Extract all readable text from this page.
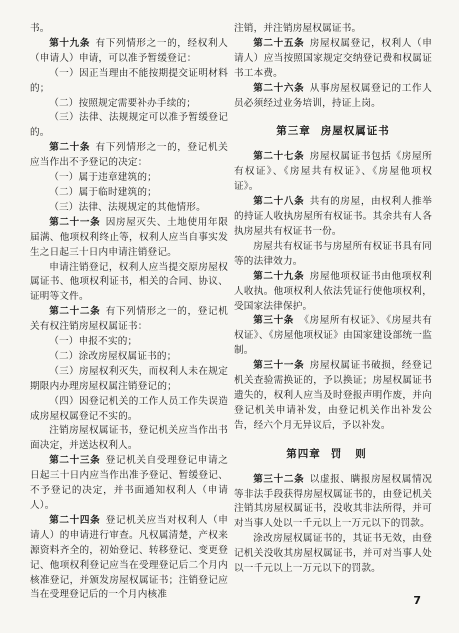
书。

第十九条  有下列情形之一的，经权利人（申请人）申请，可以准予暂缓登记：

（一）因正当理由不能按期提交证明材料的；

（二）按照规定需要补办手续的；

（三）法律、法规规定可以准予暂缓登记的。

第二十条  有下列情形之一的，登记机关应当作出不予登记的决定：

（一）属于违章建筑的；

（二）属于临时建筑的；

（三）法律、法规规定的其他情形。

第二十一条  因房屋灭失、土地使用年限届满、他项权利终止等，权利人应当自事实发生之日起三十日内申请注销登记。

申请注销登记，权利人应当提交原房屋权属证书、他项权利证书，相关的合同、协议、证明等文件。

第二十二条  有下列情形之一的，登记机关有权注销房屋权属证书：

（一）申报不实的；

（二）涂改房屋权属证书的；

（三）房屋权利灭失，而权利人未在规定期限内办理房屋权属注销登记的；

（四）因登记机关的工作人员工作失误造成房屋权属登记不实的。

注销房屋权属证书，登记机关应当作出书面决定，并送达权利人。

第二十三条  登记机关自受理登记申请之日起三十日内应当作出准予登记、暂缓登记、不予登记的决定，并书面通知权利人（申请人）。

第二十四条  登记机关应当对权利人（申请人）的申请进行审查。凡权属清楚，产权来源资料齐全的，初始登记、转移登记、变更登记、他项权利登记应当在受理登记后二个月内核准登记，并颁发房屋权属证书；注销登记应当在受理登记后的一个月内核准

注销，并注销房屋权属证书。

第二十五条  房屋权属登记，权利人（申请人）应当按照国家规定交纳登记费和权属证书工本费。

第二十六条  从事房屋权属登记的工作人员必须经过业务培训，持证上岗。

第三章 房屋权属证书

第二十七条  房屋权属证书包括《房屋所有权证》、《房屋共有权证》、《房屋他项权证》。

第二十八条  共有的房屋，由权利人推举的持证人收执房屋所有权证书。其余共有人各执房屋共有权证书一份。

房屋共有权证书与房屋所有权证书具有同等的法律效力。

第二十九条  房屋他项权证书由他项权利人收执。他项权利人依法凭证行使他项权利，受国家法律保护。

第三十条  《房屋所有权证》、《房屋共有权证》、《房屋他项权证》由国家建设部统一监制。

第三十一条  房屋权属证书破损，经登记机关查验需换证的，予以换证；房屋权属证书遗失的，权利人应当及时登报声明作废，并向登记机关申请补发，由登记机关作出补发公告，经六个月无异议后，予以补发。

第四章 罚则

第三十二条  以虚报、瞒报房屋权属情况等非法手段获得房屋权属证书的，由登记机关注销其房屋权属证书，没收其非法所得，并可对当事人处以一千元以上一万元以下的罚款。

涂改房屋权属证书的，其证书无效，由登记机关没收其房屋权属证书，并可对当事人处以一千元以上一万元以下的罚款。

7
